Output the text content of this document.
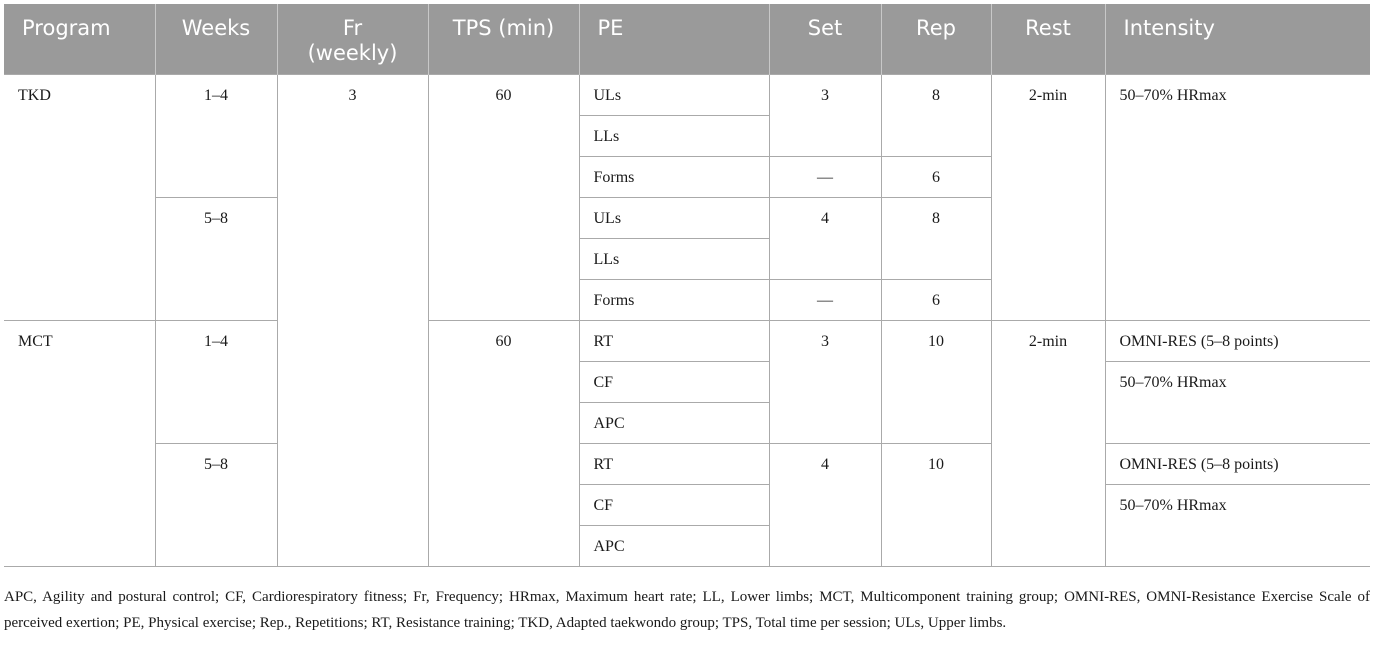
Program	Weeks	Fr (weekly)	TPS (min)	PE	Set	Rep	Rest	Intensity
TKD	1–4	3	60	ULs	3	8	2-min	50–70% HRmax
				LLs				
				Forms	—	6		
	5–8			ULs	4	8		
				LLs				
				Forms	—	6		
MCT	1–4		60	RT	3	10	2-min	OMNI-RES (5–8 points)
				CF				50–70% HRmax
				APC				
	5–8			RT	4	10		OMNI-RES (5–8 points)
				CF				50–70% HRmax
				APC				

APC, Agility and postural control; CF, Cardiorespiratory fitness; Fr, Frequency; HRmax, Maximum heart rate; LL, Lower limbs; MCT, Multicomponent training group; OMNI-RES, OMNI-Resistance Exercise Scale of perceived exertion; PE, Physical exercise; Rep., Repetitions; RT, Resistance training; TKD, Adapted taekwondo group; TPS, Total time per session; ULs, Upper limbs.
